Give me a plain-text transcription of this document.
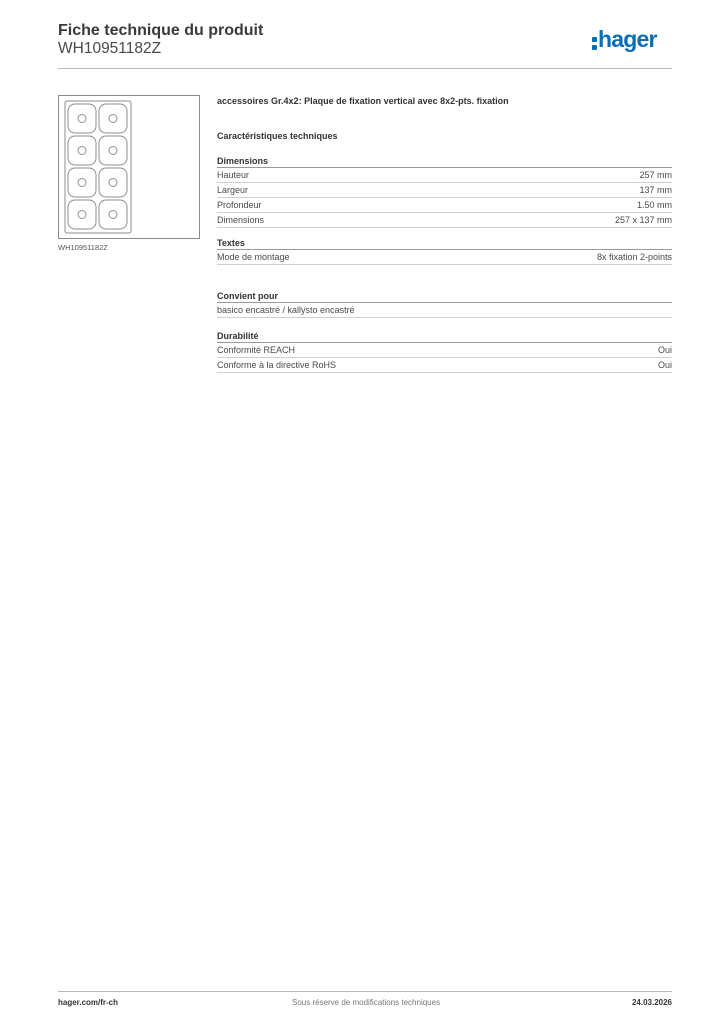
Fiche technique du produit
WH10951182Z	hager
WH10951182Z
accessoires Gr.4x2: Plaque de fixation vertical avec 8x2-pts. fixation
Caractéristiques techniques
Dimensions
Hauteur	257 mm
Largeur	137 mm
Profondeur	1.50 mm
Dimensions	257 x 137 mm
Textes
Mode de montage	8x fixation 2-points
Convient pour
basico encastré / kallysto encastré
Durabilité
Conformité REACH	Oui
Conforme à la directive RoHS	Oui
hager.com/fr-ch	Sous réserve de modifications techniques	24.03.2026
